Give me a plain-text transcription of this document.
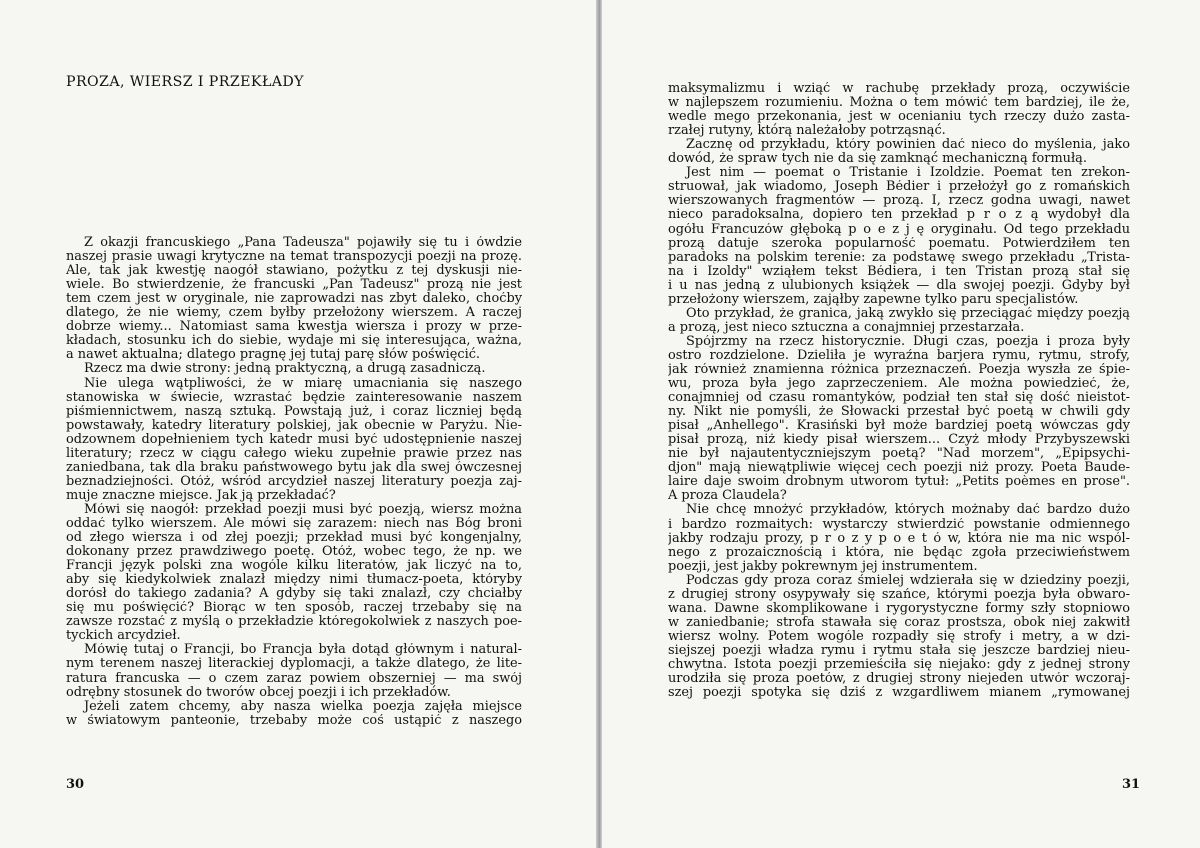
PROZA, WIERSZ I PRZEKŁADY
Z okazji francuskiego „Pana Tadeusza" pojawiły się tu i ówdzie
naszej prasie uwagi krytyczne na temat transpozycji poezji na prozę.
Ale, tak jak kwestję naogół stawiano, pożytku z tej dyskusji nie-
wiele. Bo stwierdzenie, że francuski „Pan Tadeusz" prozą nie jest
tem czem jest w oryginale, nie zaprowadzi nas zbyt daleko, choćby
dlatego, że nie wiemy, czem byłby przełożony wierszem. A raczej
dobrze wiemy... Natomiast sama kwestja wiersza i prozy w prze-
kładach, stosunku ich do siebie, wydaje mi się interesująca, ważna,
a nawet aktualna; dlatego pragnę jej tutaj parę słów poświęcić.
Rzecz ma dwie strony: jedną praktyczną, a drugą zasadniczą.
Nie ulega wątpliwości, że w miarę umacniania się naszego
stanowiska w świecie, wzrastać będzie zainteresowanie naszem
piśmiennictwem, naszą sztuką. Powstają już, i coraz liczniej będą
powstawały, katedry literatury polskiej, jak obecnie w Paryżu. Nie-
odzownem dopełnieniem tych katedr musi być udostępnienie naszej
literatury; rzecz w ciągu całego wieku zupełnie prawie przez nas
zaniedbana, tak dla braku państwowego bytu jak dla swej ówczesnej
beznadziejności. Otóż, wśród arcydzieł naszej literatury poezja zaj-
muje znaczne miejsce. Jak ją przekładać?
Mówi się naogół: przekład poezji musi być poezją, wiersz można
oddać tylko wierszem. Ale mówi się zarazem: niech nas Bóg broni
od złego wiersza i od złej poezji; przekład musi być kongenjalny,
dokonany przez prawdziwego poetę. Otóż, wobec tego, że np. we
Francji język polski zna wogóle kilku literatów, jak liczyć na to,
aby się kiedykolwiek znalazł między nimi tłumacz-poeta, któryby
dorósł do takiego zadania? A gdyby się taki znalazł, czy chciałby
się mu poświęcić? Biorąc w ten sposób, raczej trzebaby się na
zawsze rozstać z myślą o przekładzie któregokolwiek z naszych poe-
tyckich arcydzieł.
Mówię tutaj o Francji, bo Francja była dotąd głównym i natural-
nym terenem naszej literackiej dyplomacji, a także dlatego, że lite-
ratura francuska — o czem zaraz powiem obszerniej — ma swój
odrębny stosunek do tworów obcej poezji i ich przekładów.
Jeżeli zatem chcemy, aby nasza wielka poezja zajęła miejsce
w światowym panteonie, trzebaby może coś ustąpić z naszego
30
maksymalizmu i wziąć w rachubę przekłady prozą, oczywiście
w najlepszem rozumieniu. Można o tem mówić tem bardziej, ile że,
wedle mego przekonania, jest w ocenianiu tych rzeczy dużo zasta-
rzałej rutyny, którą należałoby potrząsnąć.
Zacznę od przykładu, który powinien dać nieco do myślenia, jako
dowód, że spraw tych nie da się zamknąć mechaniczną formułą.
Jest nim — poemat o Tristanie i Izoldzie. Poemat ten zrekon-
struował, jak wiadomo, Joseph Bédier i przełożył go z romańskich
wierszowanych fragmentów — prozą. I, rzecz godna uwagi, nawet
nieco paradoksalna, dopiero ten przekład p r o z ą wydobył dla
ogółu Francuzów głęboką p o e z j ę oryginału. Od tego przekładu
prozą datuje szeroka popularność poematu. Potwierdziłem ten
paradoks na polskim terenie: za podstawę swego przekładu „Trista-
na i Izoldy" wziąłem tekst Bédiera, i ten Tristan prozą stał się
i u nas jedną z ulubionych książek — dla swojej poezji. Gdyby był
przełożony wierszem, zająłby zapewne tylko paru specjalistów.
Oto przykład, że granica, jaką zwykło się przeciągać między poezją
a prozą, jest nieco sztuczna a conajmniej przestarzała.
Spójrzmy na rzecz historycznie. Długi czas, poezja i proza były
ostro rozdzielone. Dzieliła je wyraźna barjera rymu, rytmu, strofy,
jak również znamienna różnica przeznaczeń. Poezja wyszła ze śpie-
wu, proza była jego zaprzeczeniem. Ale można powiedzieć, że,
conajmniej od czasu romantyków, podział ten stał się dość nieistot-
ny. Nikt nie pomyśli, że Słowacki przestał być poetą w chwili gdy
pisał „Anhellego". Krasiński był może bardziej poetą wówczas gdy
pisał prozą, niż kiedy pisał wierszem... Czyż młody Przybyszewski
nie był najautentyczniejszym poetą? "Nad morzem", „Epipsychi-
djon" mają niewątpliwie więcej cech poezji niż prozy. Poeta Baude-
laire daje swoim drobnym utworom tytuł: „Petits poèmes en prose".
A proza Claudela?
Nie chcę mnożyć przykładów, których możnaby dać bardzo dużo
i bardzo rozmaitych: wystarczy stwierdzić powstanie odmiennego
jakby rodzaju prozy, p r o z y p o e t ó w, która nie ma nic wspól-
nego z prozaicznością i która, nie będąc zgoła przeciwieństwem
poezji, jest jakby pokrewnym jej instrumentem.
Podczas gdy proza coraz śmielej wdzierała się w dziedziny poezji,
z drugiej strony osypywały się szańce, którymi poezja była obwaro-
wana. Dawne skomplikowane i rygorystyczne formy szły stopniowo
w zaniedbanie; strofa stawała się coraz prostsza, obok niej zakwitł
wiersz wolny. Potem wogóle rozpadły się strofy i metry, a w dzi-
siejszej poezji władza rymu i rytmu stała się jeszcze bardziej nieu-
chwytna. Istota poezji przemieściła się niejako: gdy z jednej strony
urodziła się proza poetów, z drugiej strony niejeden utwór wczoraj-
szej poezji spotyka się dziś z wzgardliwem mianem „rymowanej
31
